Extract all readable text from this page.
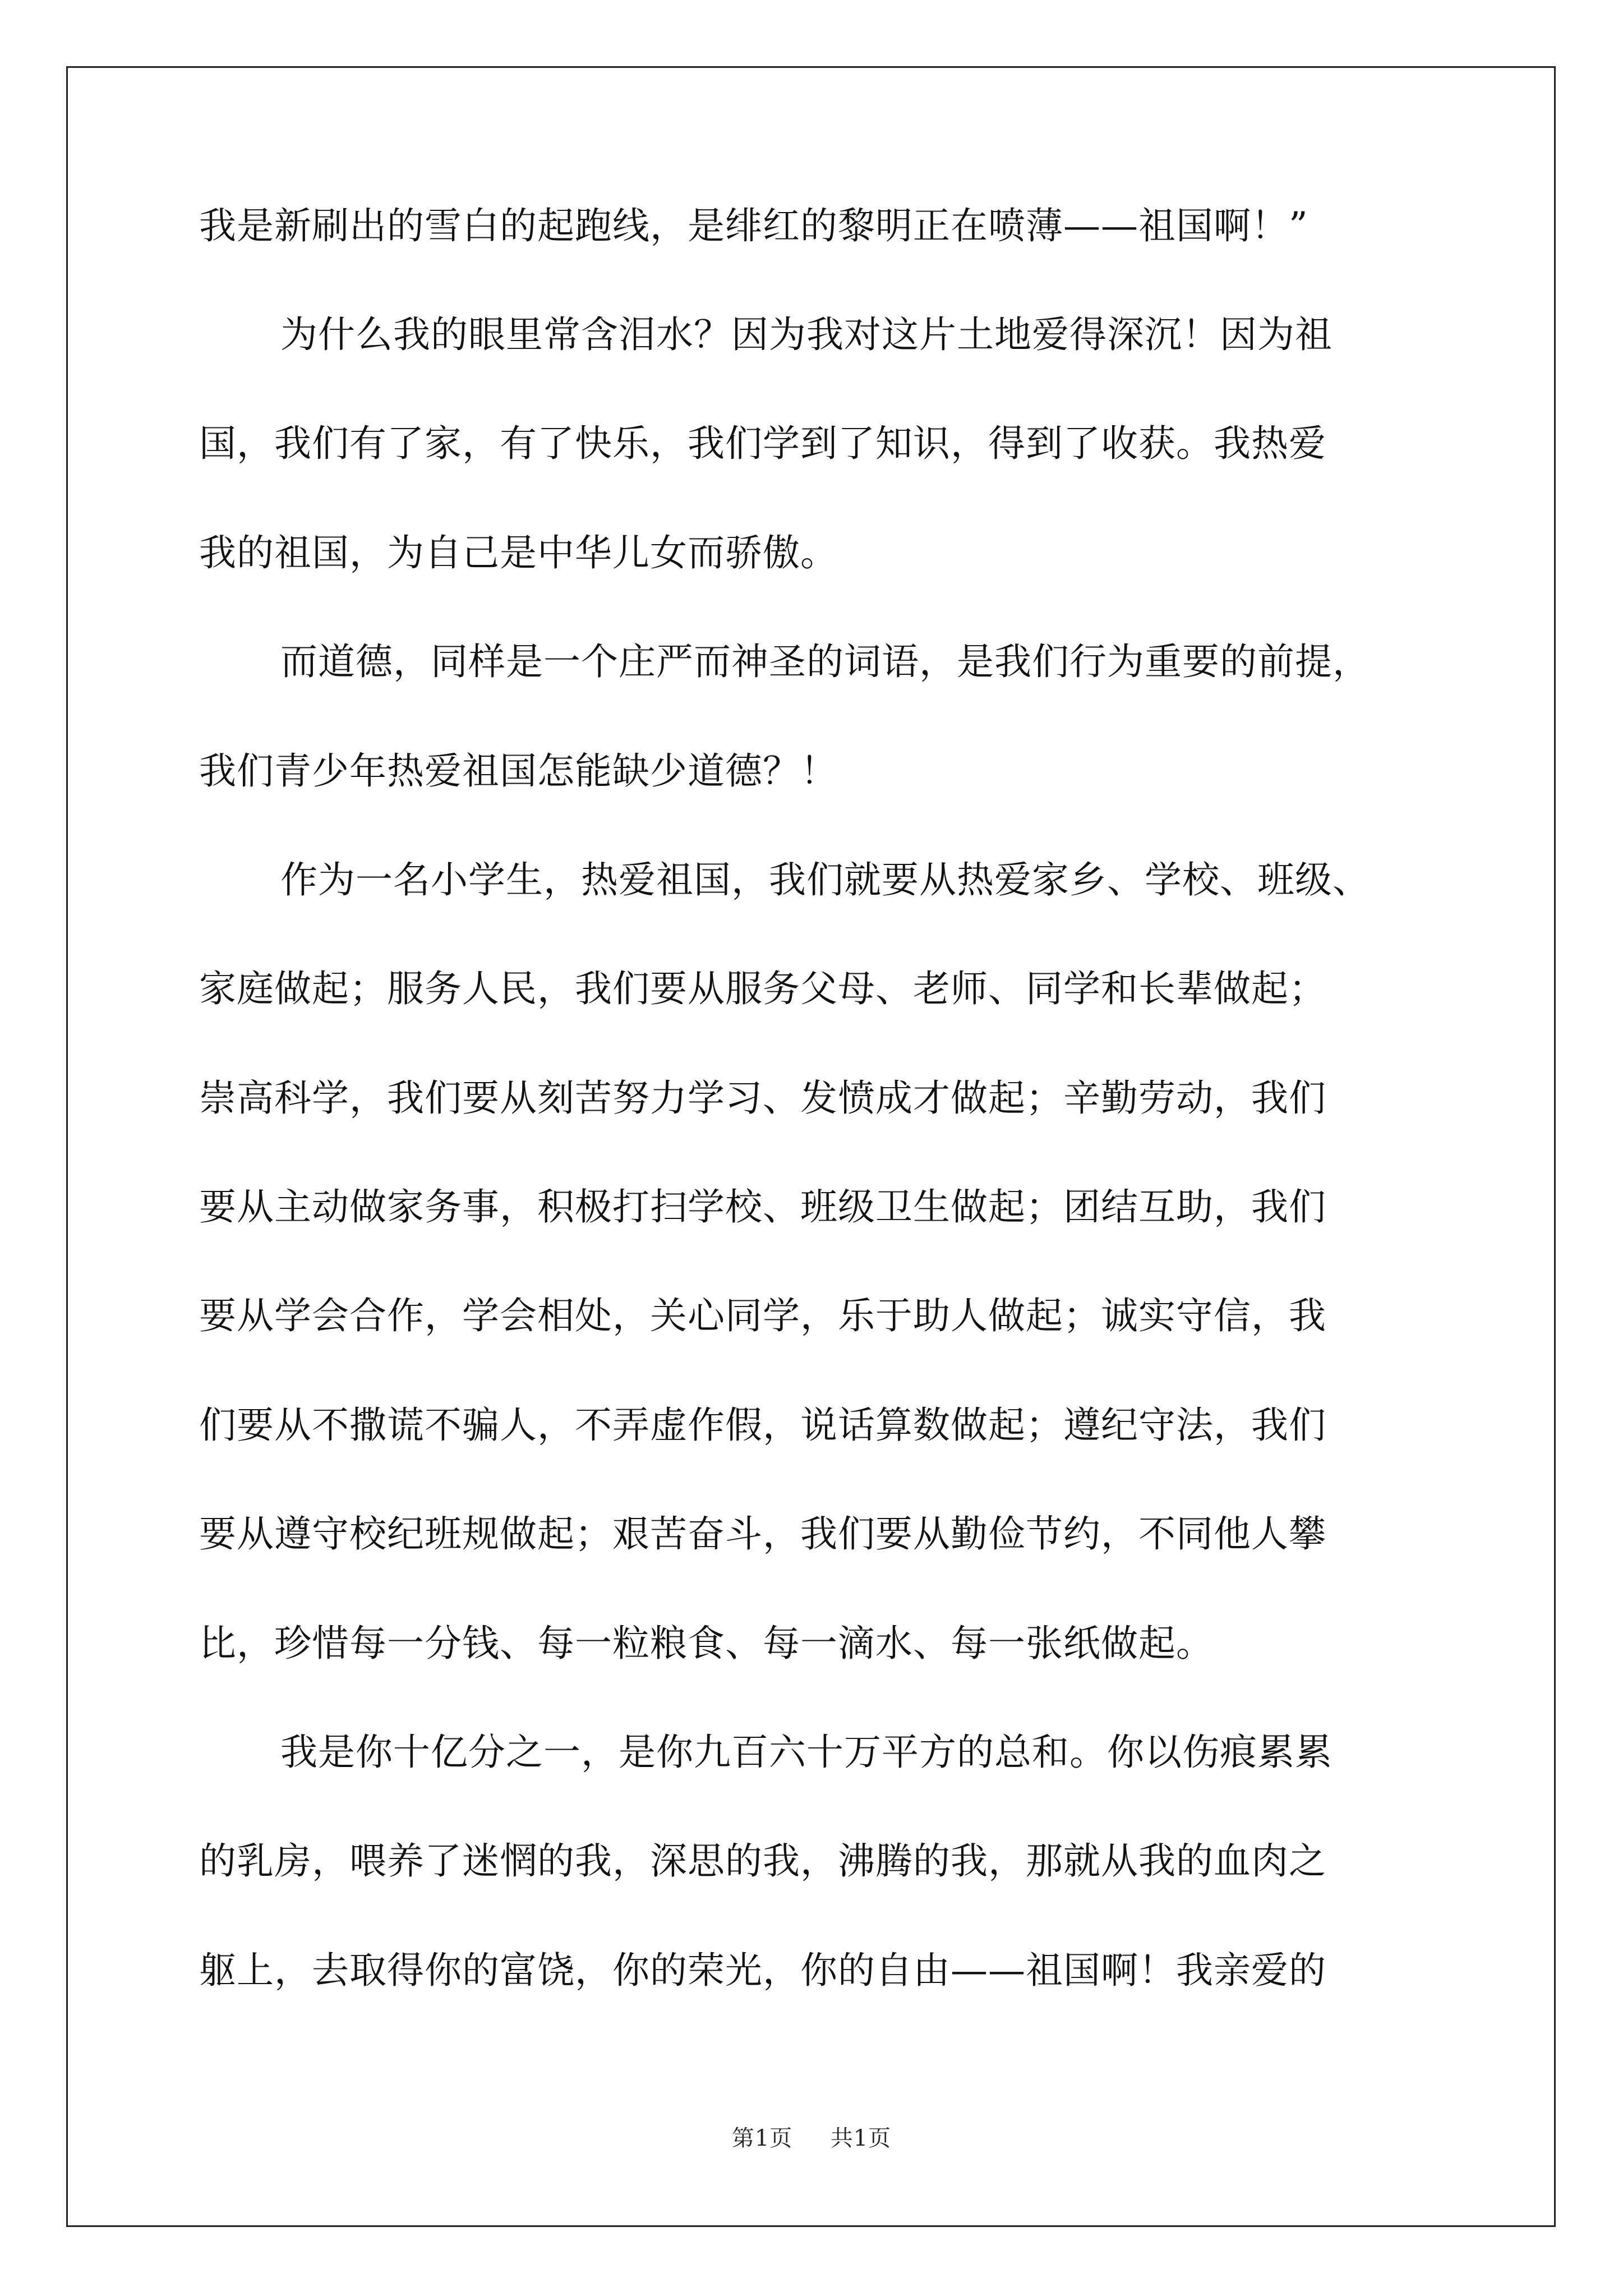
我是新刷出的雪白的起跑线，是绯红的黎明正在喷薄——祖国啊！”

为什么我的眼里常含泪水？因为我对这片土地爱得深沉！因为祖

国，我们有了家，有了快乐，我们学到了知识，得到了收获。我热爱

我的祖国，为自己是中华儿女而骄傲。

而道德，同样是一个庄严而神圣的词语，是我们行为重要的前提，

我们青少年热爱祖国怎能缺少道德？！

作为一名小学生，热爱祖国，我们就要从热爱家乡、学校、班级、

家庭做起；服务人民，我们要从服务父母、老师、同学和长辈做起；

崇高科学，我们要从刻苦努力学习、发愤成才做起；辛勤劳动，我们

要从主动做家务事，积极打扫学校、班级卫生做起；团结互助，我们

要从学会合作，学会相处，关心同学，乐于助人做起；诚实守信，我

们要从不撒谎不骗人，不弄虚作假，说话算数做起；遵纪守法，我们

要从遵守校纪班规做起；艰苦奋斗，我们要从勤俭节约，不同他人攀

比，珍惜每一分钱、每一粒粮食、每一滴水、每一张纸做起。

我是你十亿分之一，是你九百六十万平方的总和。你以伤痕累累

的乳房，喂养了迷惘的我，深思的我，沸腾的我，那就从我的血肉之

躯上，去取得你的富饶，你的荣光，你的自由——祖国啊！我亲爱的

第1页 共1页
